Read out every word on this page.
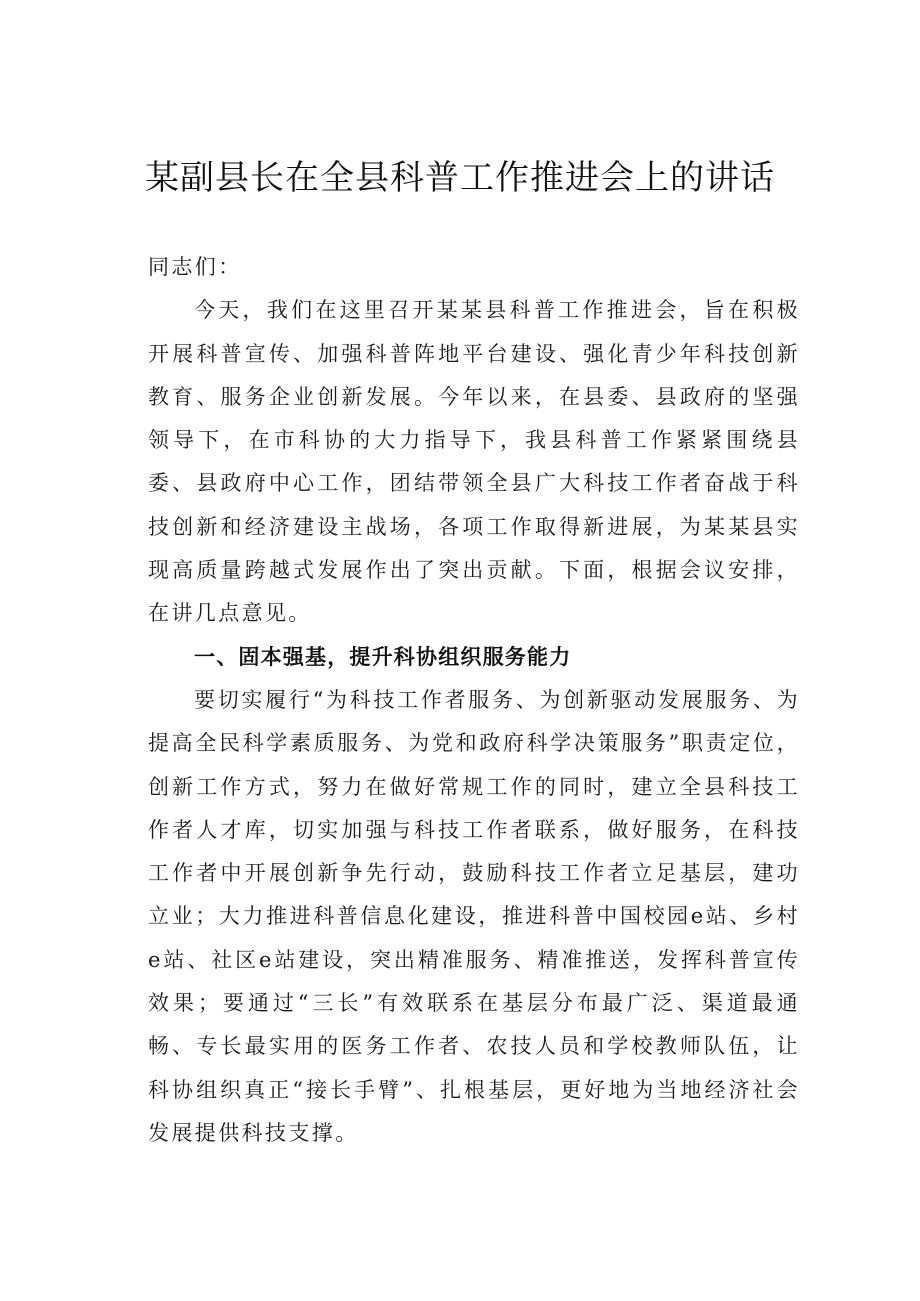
某副县长在全县科普工作推进会上的讲话

同志们：

今天，我们在这里召开某某县科普工作推进会，旨在积极开展科普宣传、加强科普阵地平台建设、强化青少年科技创新教育、服务企业创新发展。今年以来，在县委、县政府的坚强领导下，在市科协的大力指导下，我县科普工作紧紧围绕县委、县政府中心工作，团结带领全县广大科技工作者奋战于科技创新和经济建设主战场，各项工作取得新进展，为某某县实现高质量跨越式发展作出了突出贡献。下面，根据会议安排，在讲几点意见。

一、固本强基，提升科协组织服务能力

要切实履行“为科技工作者服务、为创新驱动发展服务、为提高全民科学素质服务、为党和政府科学决策服务”职责定位，创新工作方式，努力在做好常规工作的同时，建立全县科技工作者人才库，切实加强与科技工作者联系，做好服务，在科技工作者中开展创新争先行动，鼓励科技工作者立足基层，建功立业；大力推进科普信息化建设，推进科普中国校园e站、乡村e站、社区e站建设，突出精准服务、精准推送，发挥科普宣传效果；要通过“三长”有效联系在基层分布最广泛、渠道最通畅、专长最实用的医务工作者、农技人员和学校教师队伍，让科协组织真正“接长手臂”、扎根基层，更好地为当地经济社会发展提供科技支撑。
